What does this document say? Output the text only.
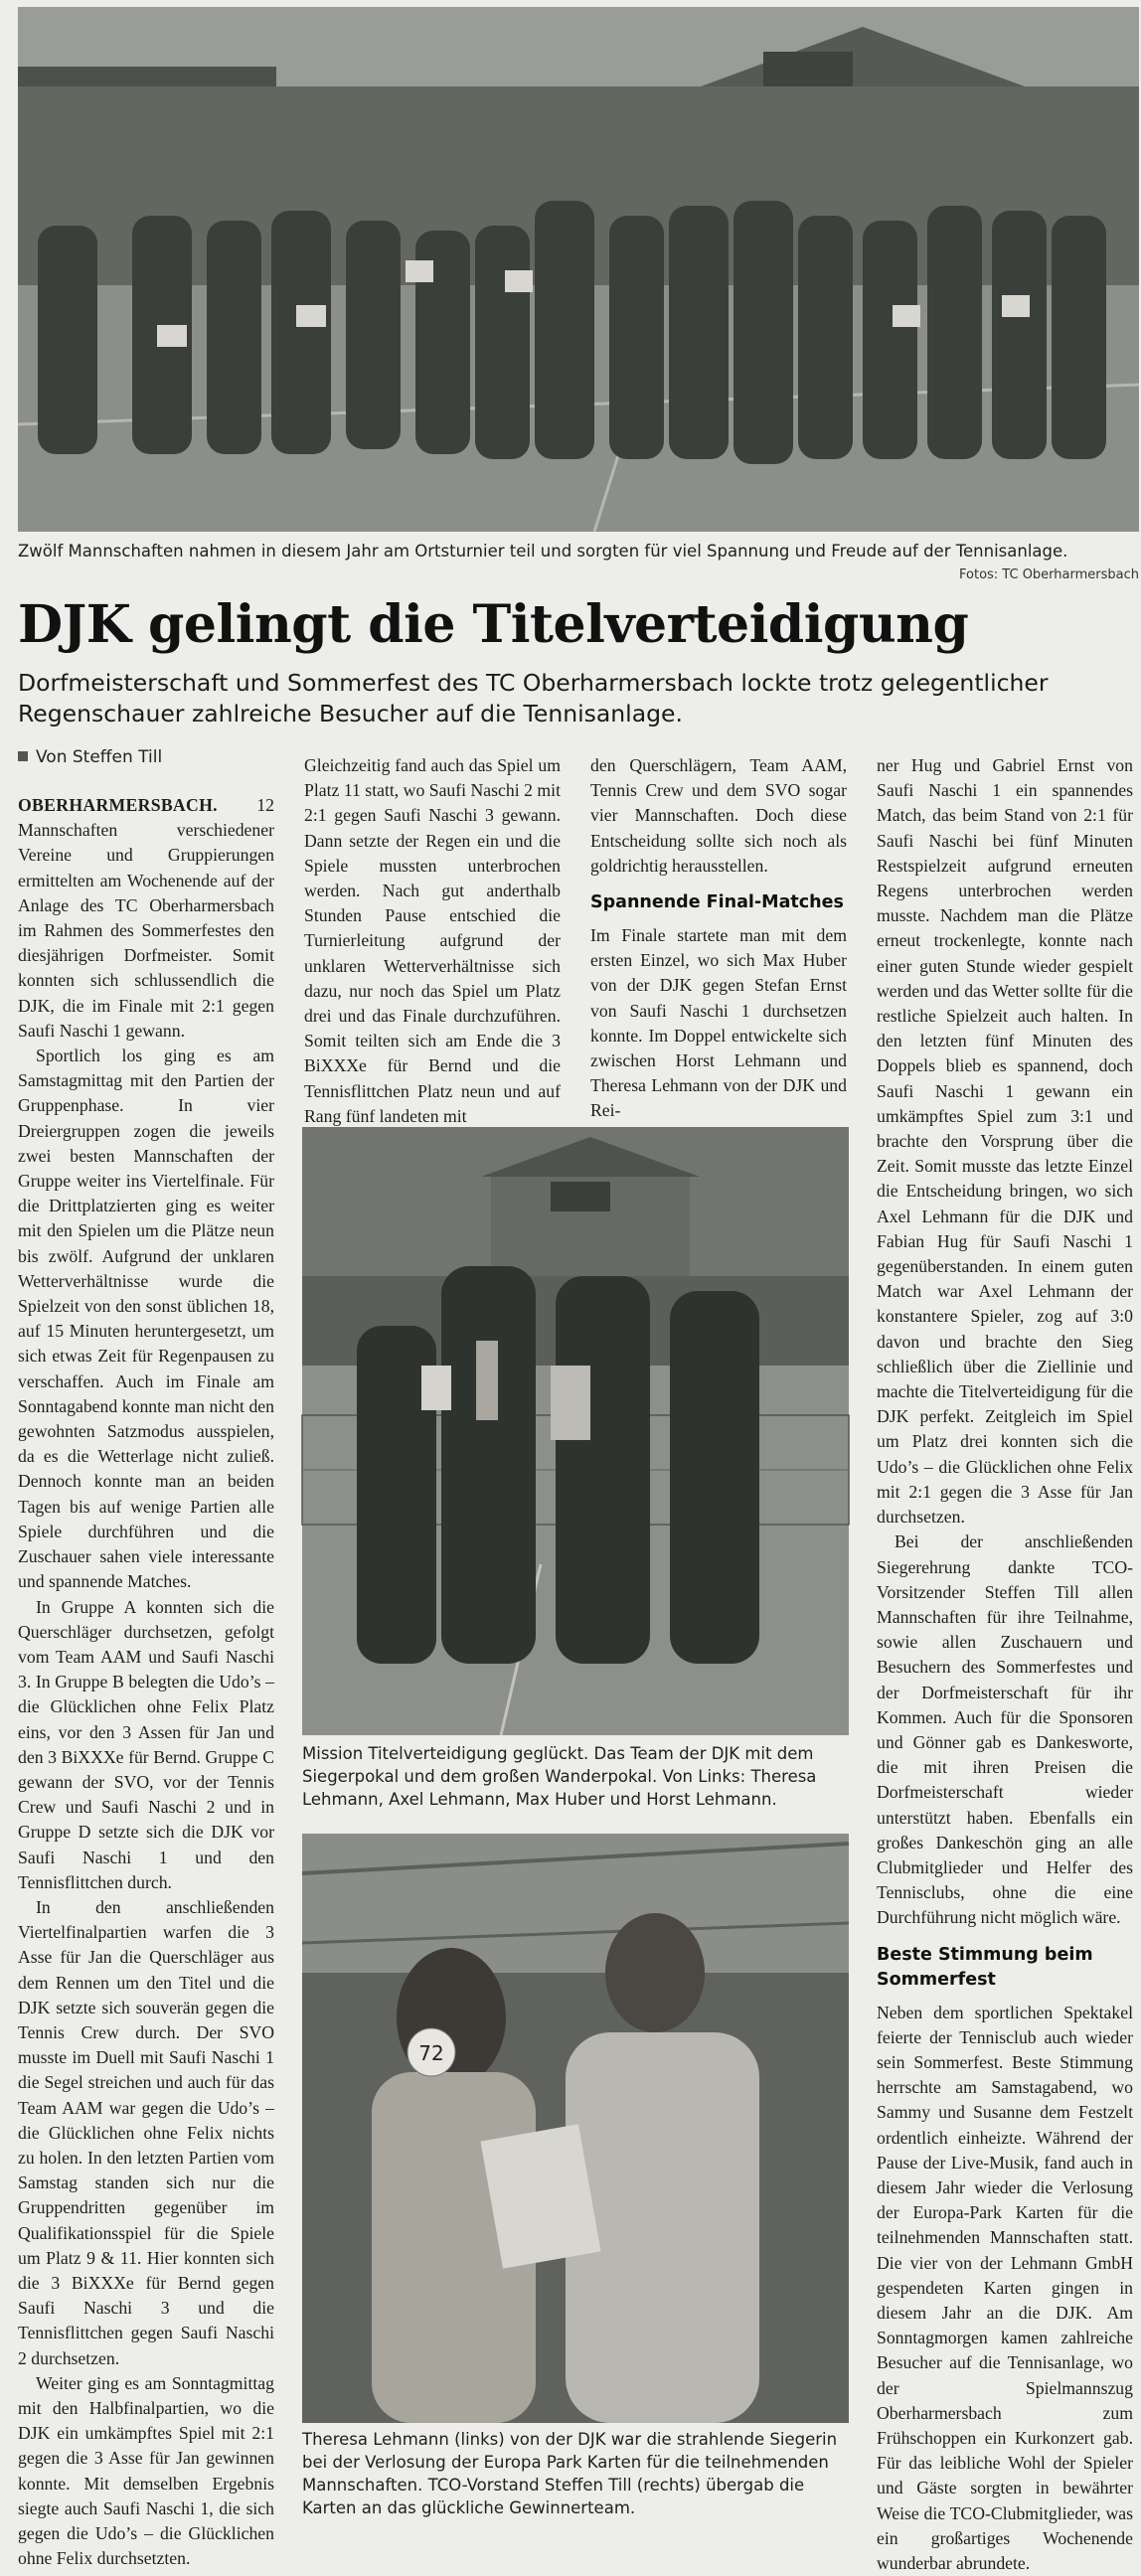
Zwölf Mannschaften nahmen in diesem Jahr am Ortsturnier teil und sorgten für viel Spannung und Freude auf der Tennisanlage.
Fotos: TC Oberharmersbach
DJK gelingt die Titelverteidigung
Dorfmeisterschaft und Sommerfest des TC Oberharmersbach lockte trotz gelegentlicher Regenschauer zahlreiche Besucher auf die Tennisanlage.
Von Steffen Till

OBERHARMERSBACH. 12 Mannschaften verschiedener Vereine und Gruppierungen ermittelten am Wochenende auf der Anlage des TC Oberharmersbach im Rahmen des Sommerfestes den diesjährigen Dorfmeister. Somit konnten sich schlussendlich die DJK, die im Finale mit 2:1 gegen Saufi Naschi 1 gewann.

Sportlich los ging es am Samstagmittag mit den Partien der Gruppenphase. In vier Dreiergruppen zogen die jeweils zwei besten Mannschaften der Gruppe weiter ins Viertelfinale. Für die Drittplatzierten ging es weiter mit den Spielen um die Plätze neun bis zwölf. Aufgrund der unklaren Wetterverhältnisse wurde die Spielzeit von den sonst üblichen 18, auf 15 Minuten heruntergesetzt, um sich etwas Zeit für Regenpausen zu verschaffen. Auch im Finale am Sonntagabend konnte man nicht den gewohnten Satzmodus ausspielen, da es die Wetterlage nicht zuließ. Dennoch konnte man an beiden Tagen bis auf wenige Partien alle Spiele durchführen und die Zuschauer sahen viele interessante und spannende Matches.

In Gruppe A konnten sich die Querschläger durchsetzen, gefolgt vom Team AAM und Saufi Naschi 3. In Gruppe B belegten die Udo’s – die Glücklichen ohne Felix Platz eins, vor den 3 Assen für Jan und den 3 BiXXXe für Bernd. Gruppe C gewann der SVO, vor der Tennis Crew und Saufi Naschi 2 und in Gruppe D setzte sich die DJK vor Saufi Naschi 1 und den Tennisflittchen durch.

In den anschließenden Viertelfinalpartien warfen die 3 Asse für Jan die Querschläger aus dem Rennen um den Titel und die DJK setzte sich souverän gegen die Tennis Crew durch. Der SVO musste im Duell mit Saufi Naschi 1 die Segel streichen und auch für das Team AAM war gegen die Udo’s – die Glücklichen ohne Felix nichts zu holen. In den letzten Partien vom Samstag standen sich nur die Gruppendritten gegenüber im Qualifikationsspiel für die Spiele um Platz 9 & 11. Hier konnten sich die 3 BiXXXe für Bernd gegen Saufi Naschi 3 und die Tennisflittchen gegen Saufi Naschi 2 durchsetzen.

Weiter ging es am Sonntagmittag mit den Halbfinalpartien, wo die DJK ein umkämpftes Spiel mit 2:1 gegen die 3 Asse für Jan gewinnen konnte. Mit demselben Ergebnis siegte auch Saufi Naschi 1, die sich gegen die Udo’s – die Glücklichen ohne Felix durchsetzten.

Gleichzeitig fand auch das Spiel um Platz 11 statt, wo Saufi Naschi 2 mit 2:1 gegen Saufi Naschi 3 gewann. Dann setzte der Regen ein und die Spiele mussten unterbrochen werden. Nach gut anderthalb Stunden Pause entschied die Turnierleitung aufgrund der unklaren Wetterverhältnisse sich dazu, nur noch das Spiel um Platz drei und das Finale durchzuführen. Somit teilten sich am Ende die 3 BiXXXe für Bernd und die Tennisflittchen Platz neun und auf Rang fünf landeten mit

den Querschlägern, Team AAM, Tennis Crew und dem SVO sogar vier Mannschaften. Doch diese Entscheidung sollte sich noch als goldrichtig herausstellen.

Spannende Final-Matches

Im Finale startete man mit dem ersten Einzel, wo sich Max Huber von der DJK gegen Stefan Ernst von Saufi Naschi 1 durchsetzen konnte. Im Doppel entwickelte sich zwischen Horst Lehmann und Theresa Lehmann von der DJK und Rei-

Mission Titelverteidigung geglückt. Das Team der DJK mit dem Siegerpokal und dem großen Wanderpokal. Von Links: Theresa Lehmann, Axel Lehmann, Max Huber und Horst Lehmann.
72
Theresa Lehmann (links) von der DJK war die strahlende Siegerin bei der Verlosung der Europa Park Karten für die teilnehmenden Mannschaften. TCO-Vorstand Steffen Till (rechts) übergab die Karten an das glückliche Gewinnerteam.

ner Hug und Gabriel Ernst von Saufi Naschi 1 ein spannendes Match, das beim Stand von 2:1 für Saufi Naschi bei fünf Minuten Restspielzeit aufgrund erneuten Regens unterbrochen werden musste. Nachdem man die Plätze erneut trockenlegte, konnte nach einer guten Stunde wieder gespielt werden und das Wetter sollte für die restliche Spielzeit auch halten. In den letzten fünf Minuten des Doppels blieb es spannend, doch Saufi Naschi 1 gewann ein umkämpftes Spiel zum 3:1 und brachte den Vorsprung über die Zeit. Somit musste das letzte Einzel die Entscheidung bringen, wo sich Axel Lehmann für die DJK und Fabian Hug für Saufi Naschi 1 gegenüberstanden. In einem guten Match war Axel Lehmann der konstantere Spieler, zog auf 3:0 davon und brachte den Sieg schließlich über die Ziellinie und machte die Titelverteidigung für die DJK perfekt. Zeitgleich im Spiel um Platz drei konnten sich die Udo’s – die Glücklichen ohne Felix mit 2:1 gegen die 3 Asse für Jan durchsetzen.

Bei der anschließenden Siegerehrung dankte TCO-Vorsitzender Steffen Till allen Mannschaften für ihre Teilnahme, sowie allen Zuschauern und Besuchern des Sommerfestes und der Dorfmeisterschaft für ihr Kommen. Auch für die Sponsoren und Gönner gab es Dankesworte, die mit ihren Preisen die Dorfmeisterschaft wieder unterstützt haben. Ebenfalls ein großes Dankeschön ging an alle Clubmitglieder und Helfer des Tennisclubs, ohne die eine Durchführung nicht möglich wäre.

Beste Stimmung beim Sommerfest

Neben dem sportlichen Spektakel feierte der Tennisclub auch wieder sein Sommerfest. Beste Stimmung herrschte am Samstagabend, wo Sammy und Susanne dem Festzelt ordentlich einheizte. Während der Pause der Live-Musik, fand auch in diesem Jahr wieder die Verlosung der Europa-Park Karten für die teilnehmenden Mannschaften statt. Die vier von der Lehmann GmbH gespendeten Karten gingen in diesem Jahr an die DJK. Am Sonntagmorgen kamen zahlreiche Besucher auf die Tennisanlage, wo der Spielmannszug Oberharmersbach zum Frühschoppen ein Kurkonzert gab. Für das leibliche Wohl der Spieler und Gäste sorgten in bewährter Weise die TCO-Clubmitglieder, was ein großartiges Wochenende wunderbar abrundete.
